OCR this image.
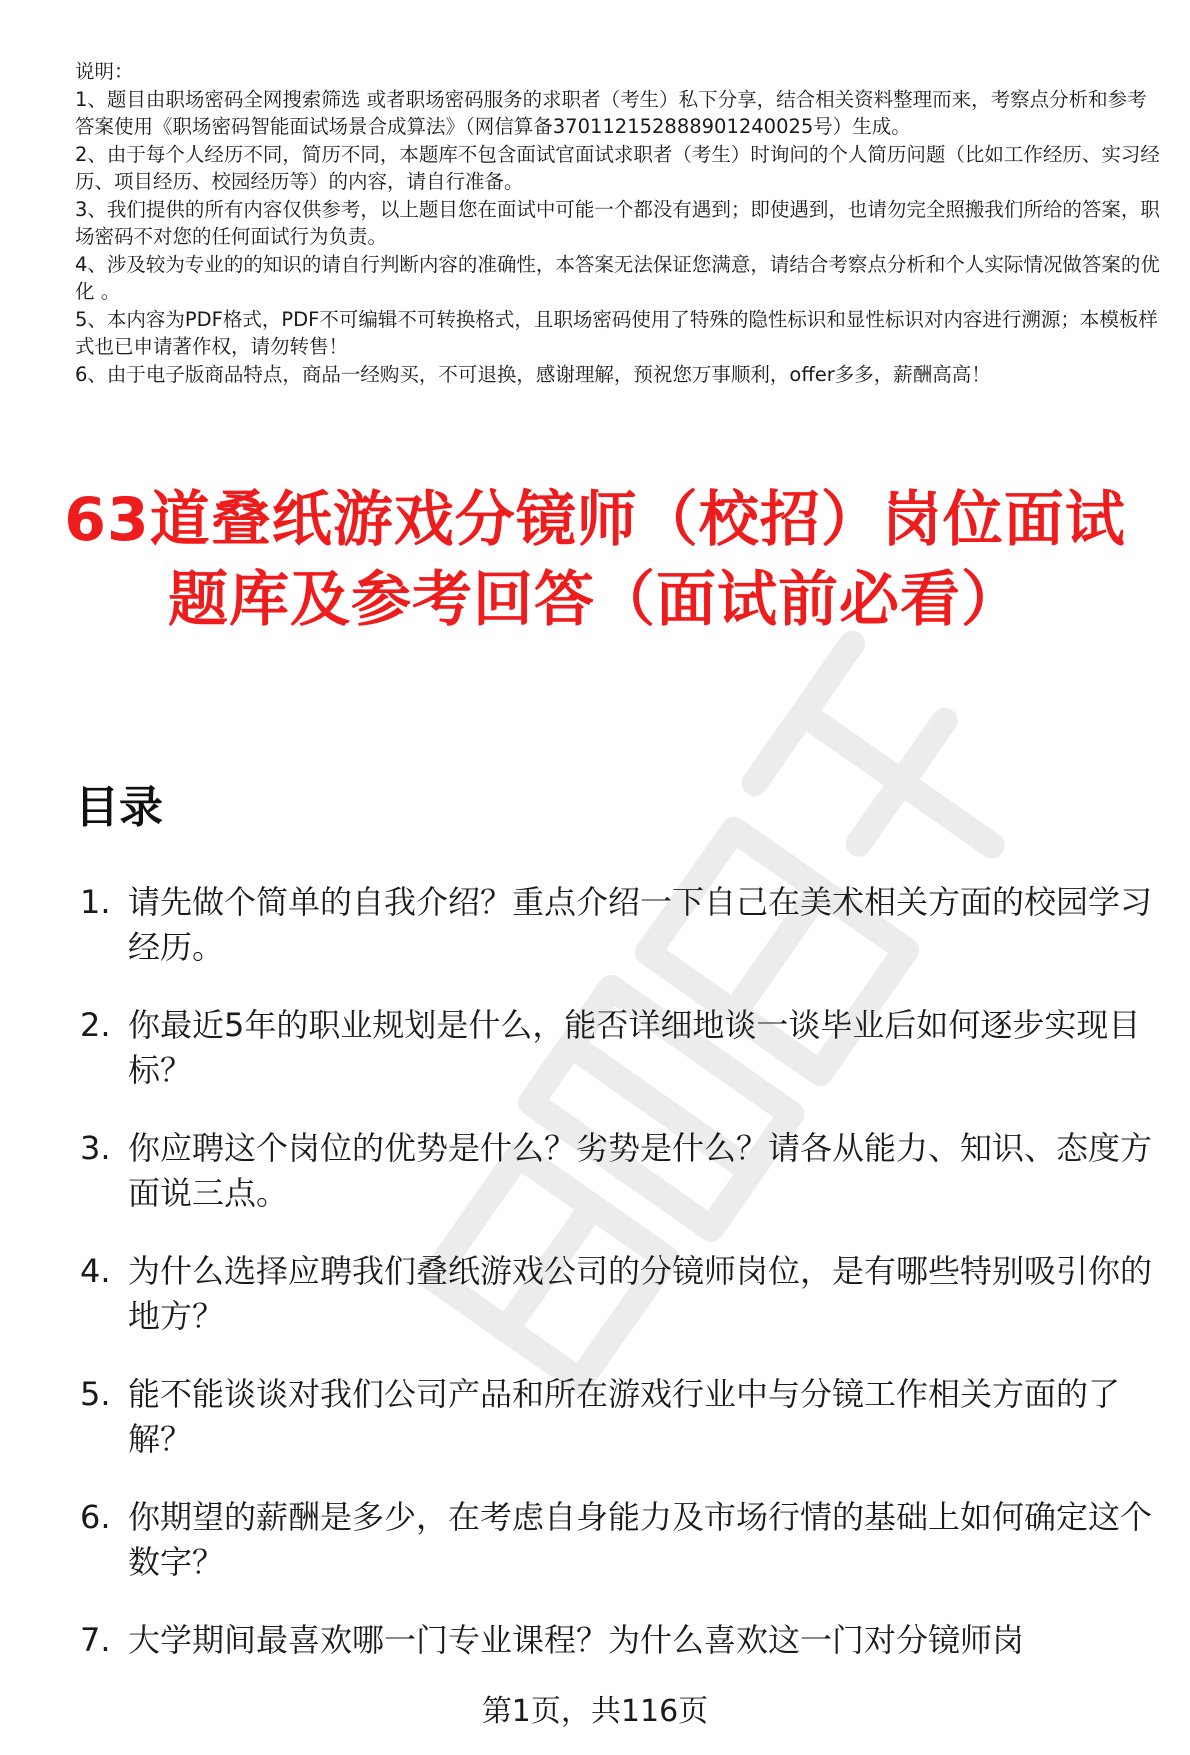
说明：

1、题目由职场密码全网搜索筛选 或者职场密码服务的求职者（考生）私下分享，结合相关资料整理而来，考察点分析和参考答案使用《职场密码智能面试场景合成算法》（网信算备370112152888901240025号）生成。

2、由于每个人经历不同，简历不同，本题库不包含面试官面试求职者（考生）时询问的个人简历问题（比如工作经历、实习经历、项目经历、校园经历等）的内容，请自行准备。

3、我们提供的所有内容仅供参考，以上题目您在面试中可能一个都没有遇到；即使遇到，也请勿完全照搬我们所给的答案，职场密码不对您的任何面试行为负责。

4、涉及较为专业的的知识的请自行判断内容的准确性，本答案无法保证您满意，请结合考察点分析和个人实际情况做答案的优化 。

5、本内容为PDF格式，PDF不可编辑不可转换格式，且职场密码使用了特殊的隐性标识和显性标识对内容进行溯源；本模板样式也已申请著作权，请勿转售！

6、由于电子版商品特点，商品一经购买，不可退换，感谢理解，预祝您万事顺利，offer多多，薪酬高高！

63道叠纸游戏分镜师（校招）岗位面试题库及参考回答（面试前必看）
目录
1. 请先做个简单的自我介绍？重点介绍一下自己在美术相关方面的校园学习经历。
2. 你最近5年的职业规划是什么，能否详细地谈一谈毕业后如何逐步实现目标？
3. 你应聘这个岗位的优势是什么？劣势是什么？请各从能力、知识、态度方面说三点。
4. 为什么选择应聘我们叠纸游戏公司的分镜师岗位，是有哪些特别吸引你的地方？
5. 能不能谈谈对我们公司产品和所在游戏行业中与分镜工作相关方面的了解？
6. 你期望的薪酬是多少，在考虑自身能力及市场行情的基础上如何确定这个数字？
7. 大学期间最喜欢哪一门专业课程？为什么喜欢这一门对分镜师岗
第1页，共116页
